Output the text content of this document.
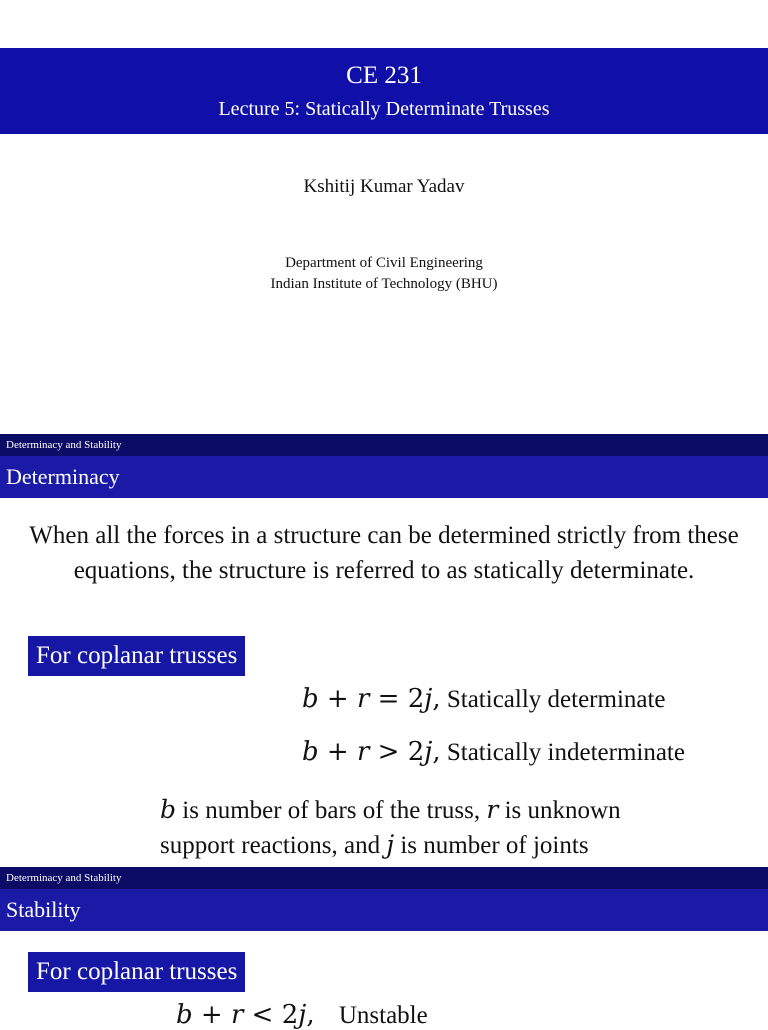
CE 231
Lecture 5: Statically Determinate Trusses
Kshitij Kumar Yadav
Department of Civil Engineering
Indian Institute of Technology (BHU)
Determinacy and Stability
Determinacy
When all the forces in a structure can be determined strictly from these equations, the structure is referred to as statically determinate.
For coplanar trusses
b + r = 2j, Statically determinate
b + r > 2j, Statically indeterminate
b is number of bars of the truss, r is unknown
support reactions, and j is number of joints
Determinacy and Stability
Stability
For coplanar trusses
b + r < 2j, Unstable
